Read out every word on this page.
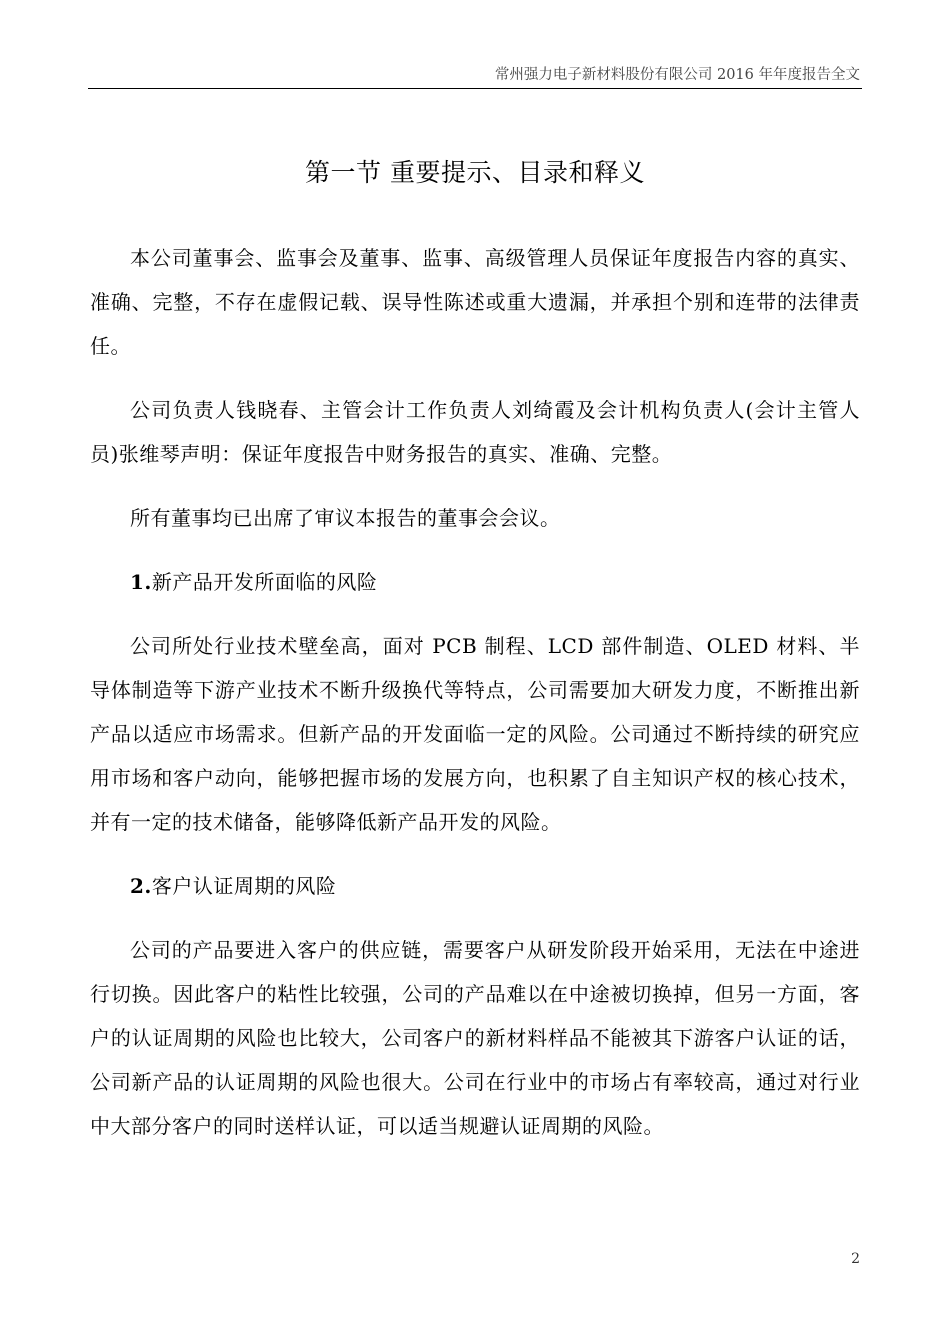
常州强力电子新材料股份有限公司 2016 年年度报告全文
第一节 重要提示、目录和释义

本公司董事会、监事会及董事、监事、高级管理人员保证年度报告内容的真实、准确、完整，不存在虚假记载、误导性陈述或重大遗漏，并承担个别和连带的法律责任。

公司负责人钱晓春、主管会计工作负责人刘绮霞及会计机构负责人(会计主管人员)张维琴声明：保证年度报告中财务报告的真实、准确、完整。

所有董事均已出席了审议本报告的董事会会议。

1.新产品开发所面临的风险

公司所处行业技术壁垒高，面对 PCB 制程、LCD 部件制造、OLED 材料、半导体制造等下游产业技术不断升级换代等特点，公司需要加大研发力度，不断推出新产品以适应市场需求。但新产品的开发面临一定的风险。公司通过不断持续的研究应用市场和客户动向，能够把握市场的发展方向，也积累了自主知识产权的核心技术，并有一定的技术储备，能够降低新产品开发的风险。

2.客户认证周期的风险

公司的产品要进入客户的供应链，需要客户从研发阶段开始采用，无法在中途进行切换。因此客户的粘性比较强，公司的产品难以在中途被切换掉，但另一方面，客户的认证周期的风险也比较大，公司客户的新材料样品不能被其下游客户认证的话，公司新产品的认证周期的风险也很大。公司在行业中的市场占有率较高，通过对行业中大部分客户的同时送样认证，可以适当规避认证周期的风险。

2
